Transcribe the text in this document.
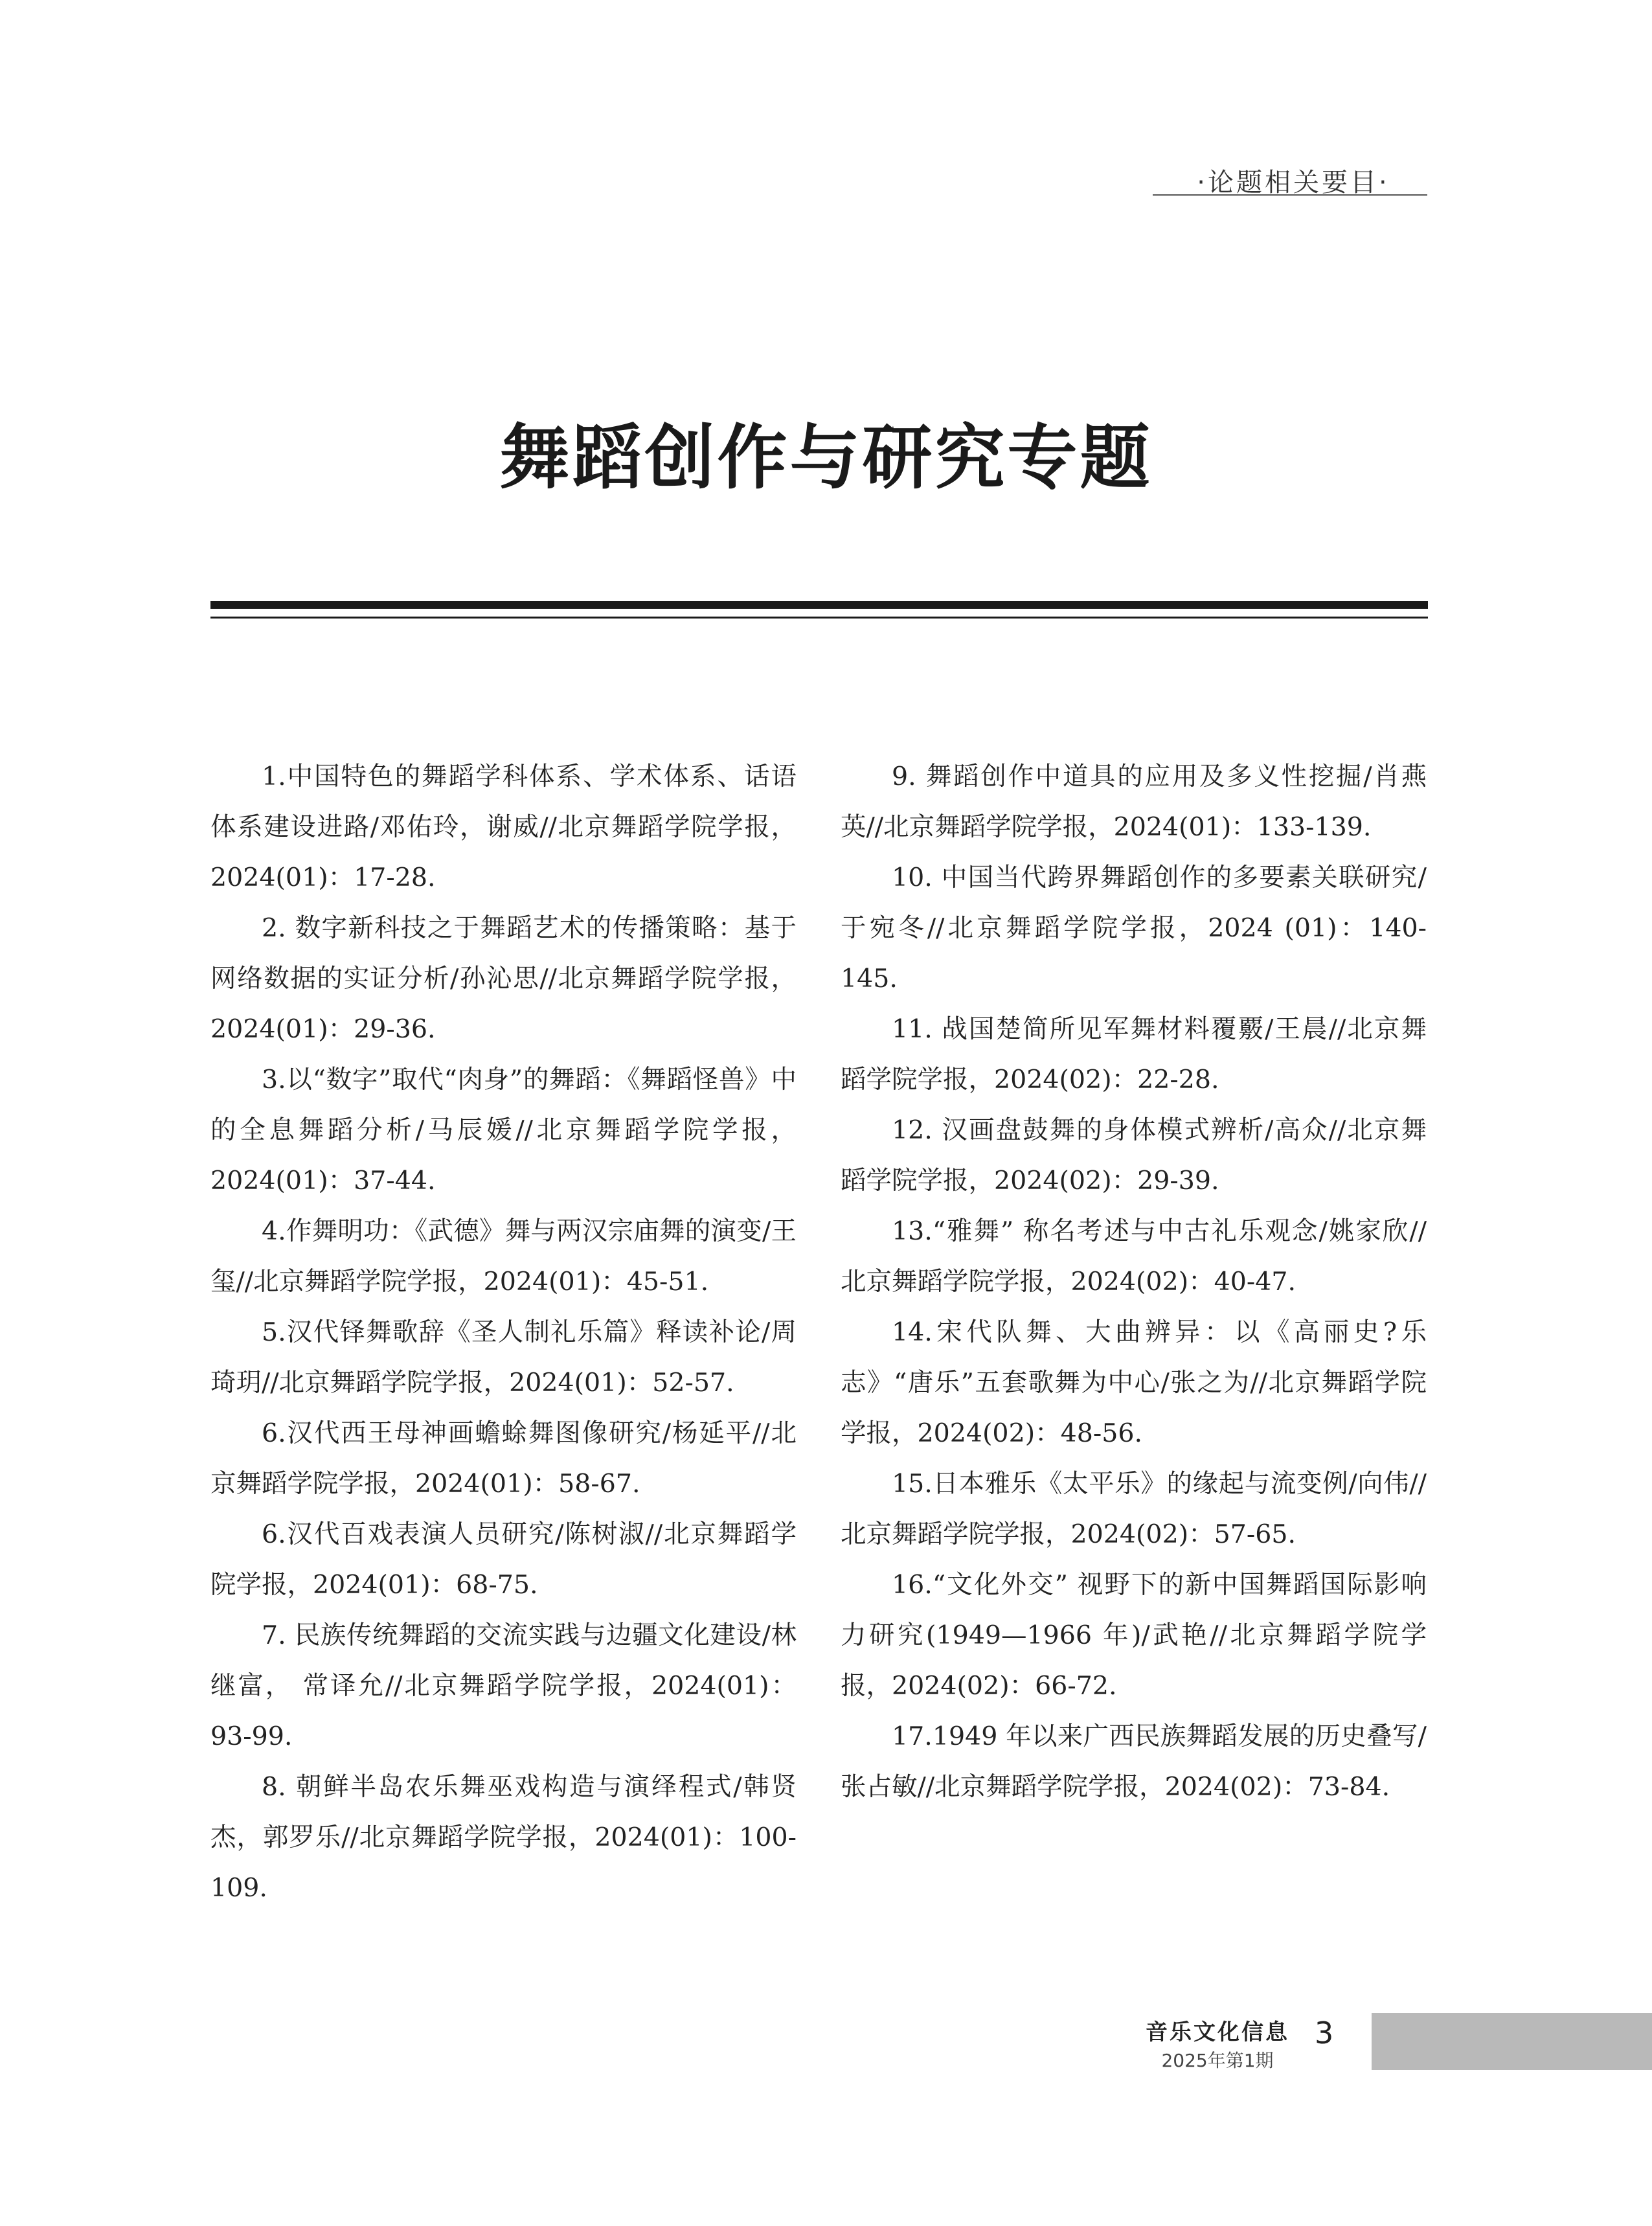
·论题相关要目·
舞蹈创作与研究专题

1.中国特色的舞蹈学科体系、学术体系、话语体系建设进路/邓佑玲，谢威//北京舞蹈学院学报，2024(01)：17-28.

2. 数字新科技之于舞蹈艺术的传播策略：基于网络数据的实证分析/孙沁思//北京舞蹈学院学报，2024(01)：29-36.

3.以“数字”取代“肉身”的舞蹈：《舞蹈怪兽》中的全息舞蹈分析/马辰媛//北京舞蹈学院学报，2024(01)：37-44.

4.作舞明功：《武德》舞与两汉宗庙舞的演变/王玺//北京舞蹈学院学报，2024(01)：45-51.

5.汉代铎舞歌辞《圣人制礼乐篇》释读补论/周琦玥//北京舞蹈学院学报，2024(01)：52-57.

6.汉代西王母神画蟾蜍舞图像研究/杨延平//北京舞蹈学院学报，2024(01)：58-67.

6.汉代百戏表演人员研究/陈树淑//北京舞蹈学院学报，2024(01)：68-75.

7. 民族传统舞蹈的交流实践与边疆文化建设/林继富， 常译允//北京舞蹈学院学报，2024(01)：93-99.

8. 朝鲜半岛农乐舞巫戏构造与演绎程式/韩贤杰，郭罗乐//北京舞蹈学院学报，2024(01)：100-109.

9. 舞蹈创作中道具的应用及多义性挖掘/肖燕英//北京舞蹈学院学报，2024(01)：133-139.

10. 中国当代跨界舞蹈创作的多要素关联研究/于宛冬//北京舞蹈学院学报，2024 (01)：140-145.

11. 战国楚简所见军舞材料覆覈/王晨//北京舞蹈学院学报，2024(02)：22-28.

12. 汉画盘鼓舞的身体模式辨析/高众//北京舞蹈学院学报，2024(02)：29-39.

13.“雅舞” 称名考述与中古礼乐观念/姚家欣//北京舞蹈学院学报，2024(02)：40-47.

14.宋代队舞、大曲辨异：以《高丽史?乐志》“唐乐”五套歌舞为中心/张之为//北京舞蹈学院学报，2024(02)：48-56.

15.日本雅乐《太平乐》的缘起与流变例/向伟//北京舞蹈学院学报，2024(02)：57-65.

16.“文化外交” 视野下的新中国舞蹈国际影响力研究(1949—1966 年)/武艳//北京舞蹈学院学报，2024(02)：66-72.

17.1949 年以来广西民族舞蹈发展的历史叠写/张占敏//北京舞蹈学院学报，2024(02)：73-84.

音乐文化信息
2025年第1期
3
